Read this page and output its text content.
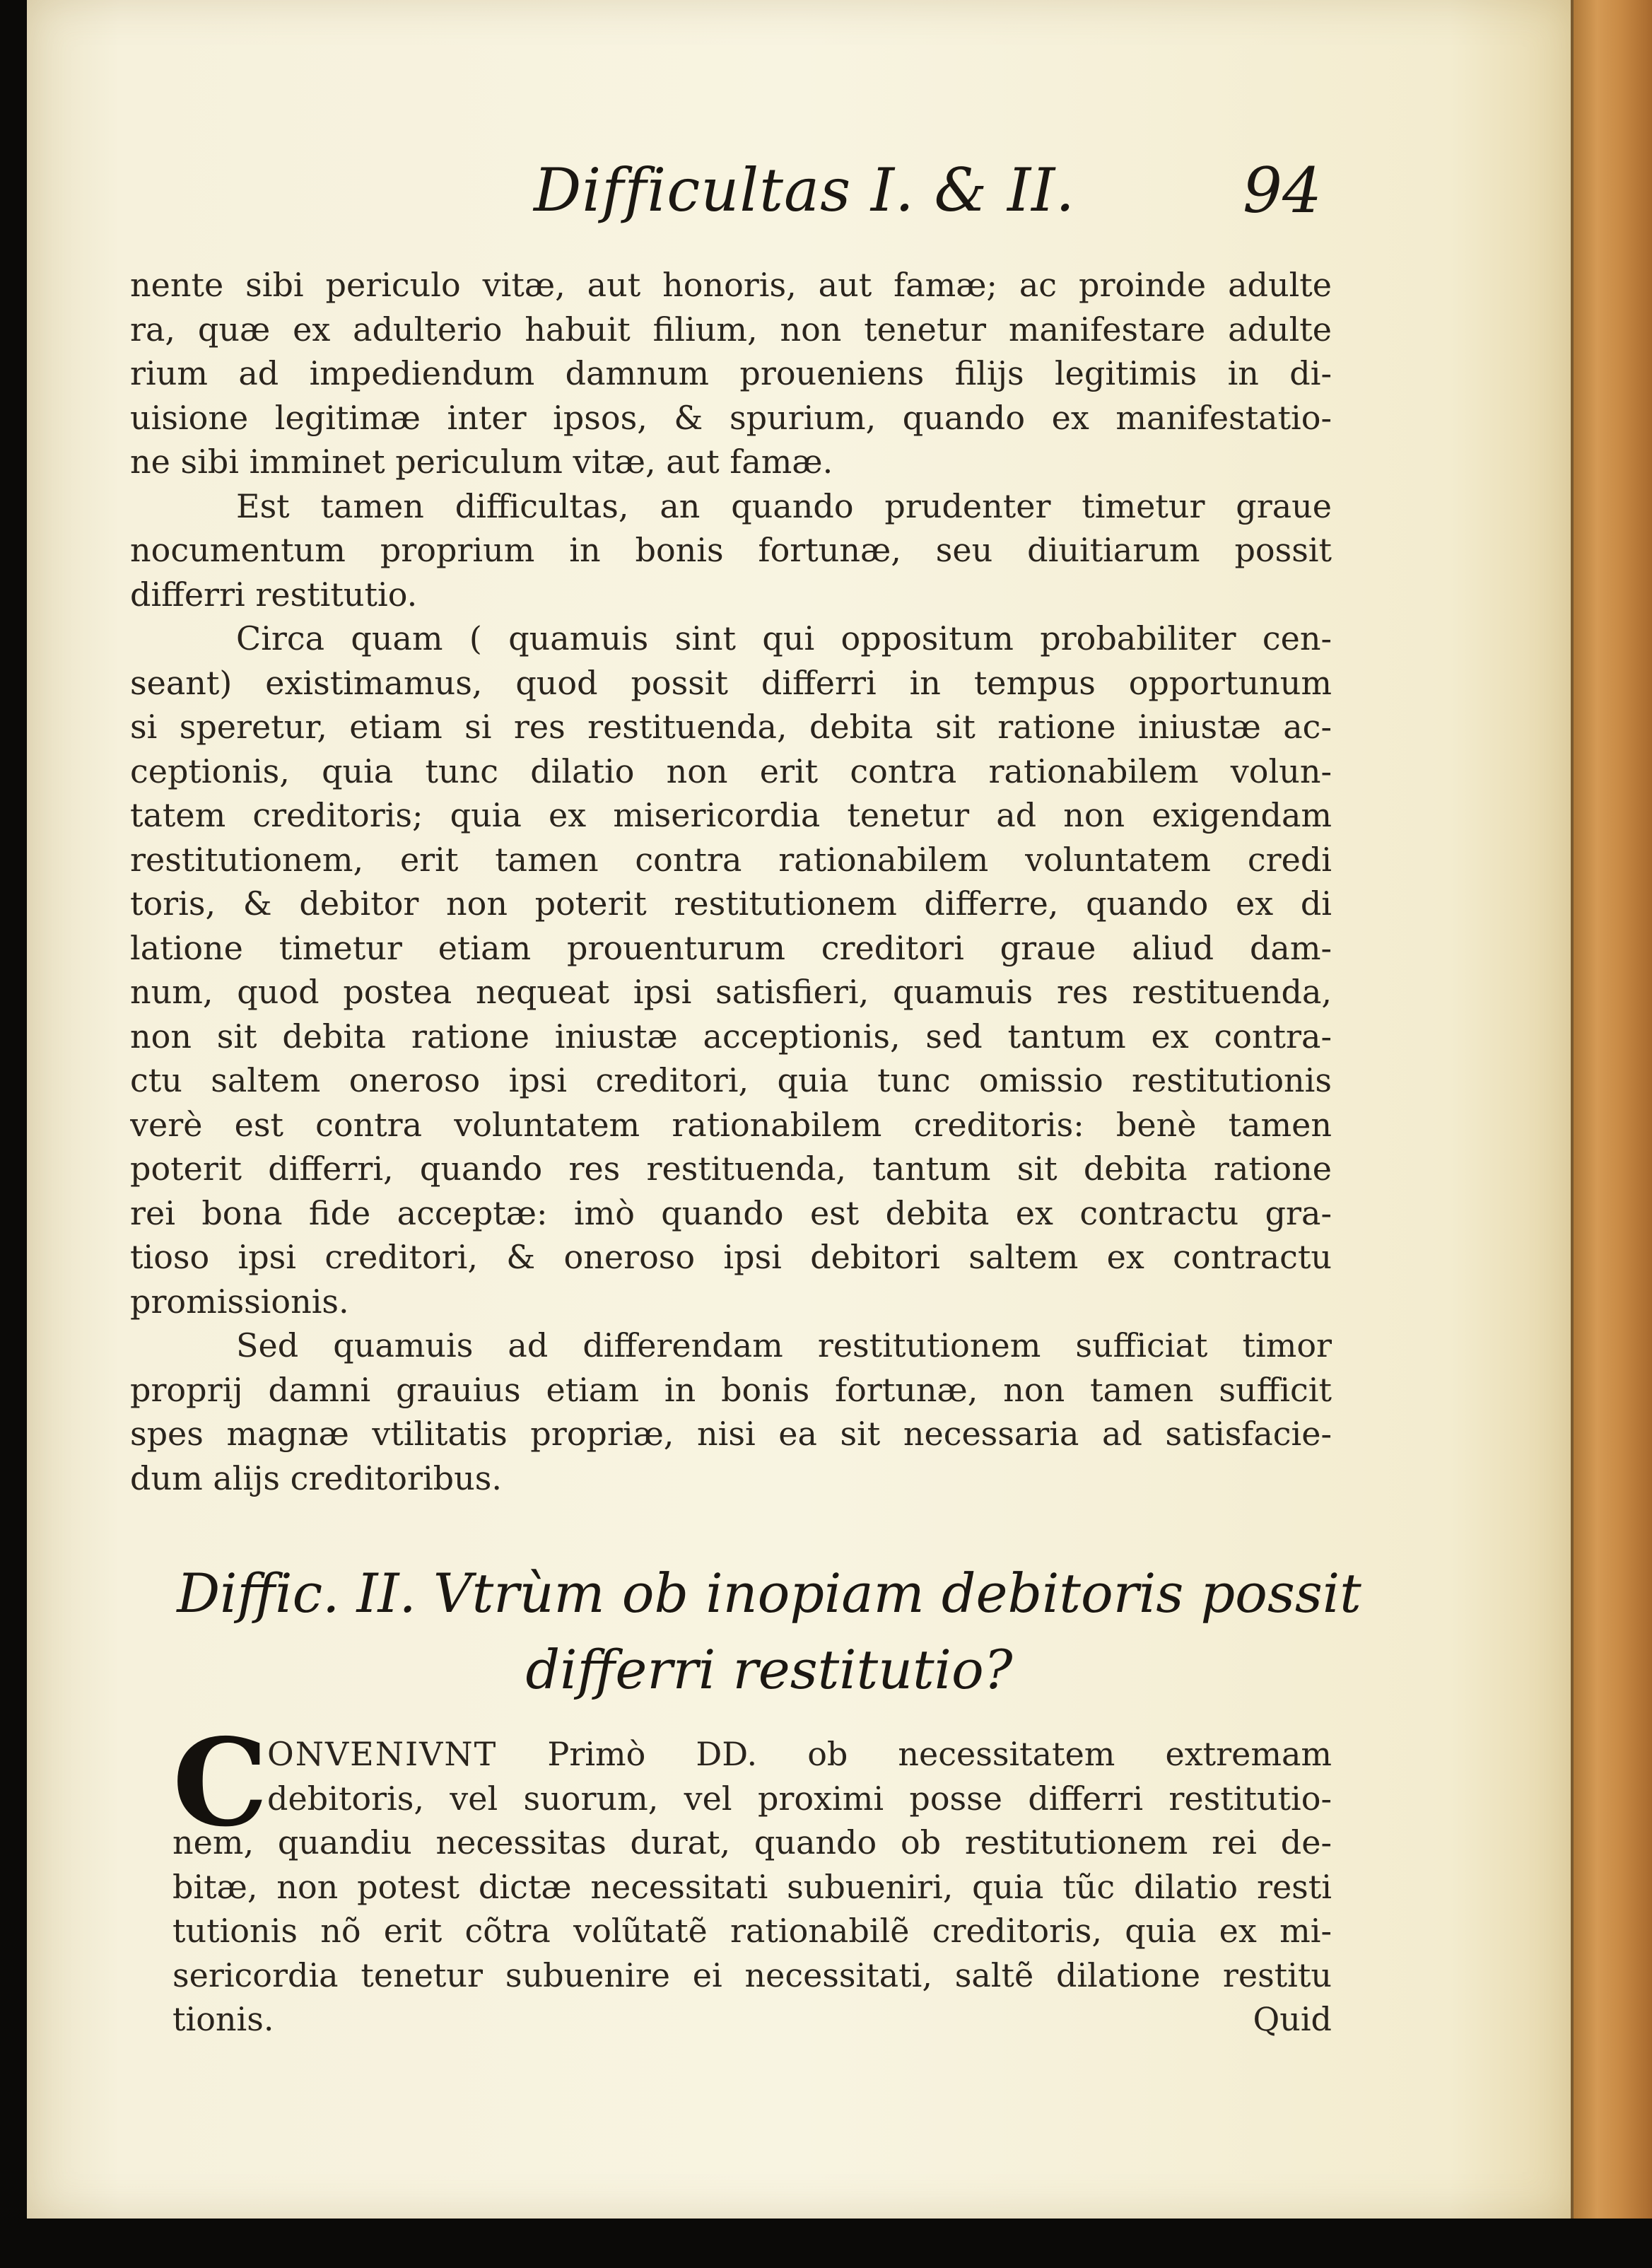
Difficultas I. & II.	94
nente sibi periculo vitæ, aut honoris, aut famæ; ac proinde adulte
ra, quæ ex adulterio habuit filium, non tenetur manifestare adulte
rium ad impediendum damnum proueniens filijs legitimis in di-
uisione legitimæ inter ipsos, & spurium, quando ex manifestatio-
ne sibi imminet periculum vitæ, aut famæ.
Est tamen difficultas, an quando prudenter timetur graue
nocumentum proprium in bonis fortunæ, seu diuitiarum possit
differri restitutio.
Circa quam ( quamuis sint qui oppositum probabiliter cen-
seant) existimamus, quod possit differri in tempus opportunum
si speretur, etiam si res restituenda, debita sit ratione iniustæ ac-
ceptionis, quia tunc dilatio non erit contra rationabilem volun-
tatem creditoris; quia ex misericordia tenetur ad non exigendam
restitutionem, erit tamen contra rationabilem voluntatem credi
toris, & debitor non poterit restitutionem differre, quando ex di
latione timetur etiam prouenturum creditori graue aliud dam-
num, quod postea nequeat ipsi satisfieri, quamuis res restituenda,
non sit debita ratione iniustæ acceptionis, sed tantum ex contra-
ctu saltem oneroso ipsi creditori, quia tunc omissio restitutionis
verè est contra voluntatem rationabilem creditoris: benè tamen
poterit differri, quando res restituenda, tantum sit debita ratione
rei bona fide acceptæ: imò quando est debita ex contractu gra-
tioso ipsi creditori, & oneroso ipsi debitori saltem ex contractu
promissionis.
Sed quamuis ad differendam restitutionem sufficiat timor
proprij damni grauius etiam in bonis fortunæ, non tamen sufficit
spes magnæ vtilitatis propriæ, nisi ea sit necessaria ad satisfacie-
dum alijs creditoribus.
Diffic. II. Vtrùm ob inopiam debitoris possit
differri restitutio?
C
ONVENIVNT Primò DD. ob necessitatem extremam
debitoris, vel suorum, vel proximi posse differri restitutio-
nem, quandiu necessitas durat, quando ob restitutionem rei de-
bitæ, non potest dictæ necessitati subueniri, quia tũc dilatio resti
tutionis nõ erit cõtra volũtatẽ rationabilẽ creditoris, quia ex mi-
sericordia tenetur subuenire ei necessitati, saltẽ dilatione restitu
tionis.	Quid
